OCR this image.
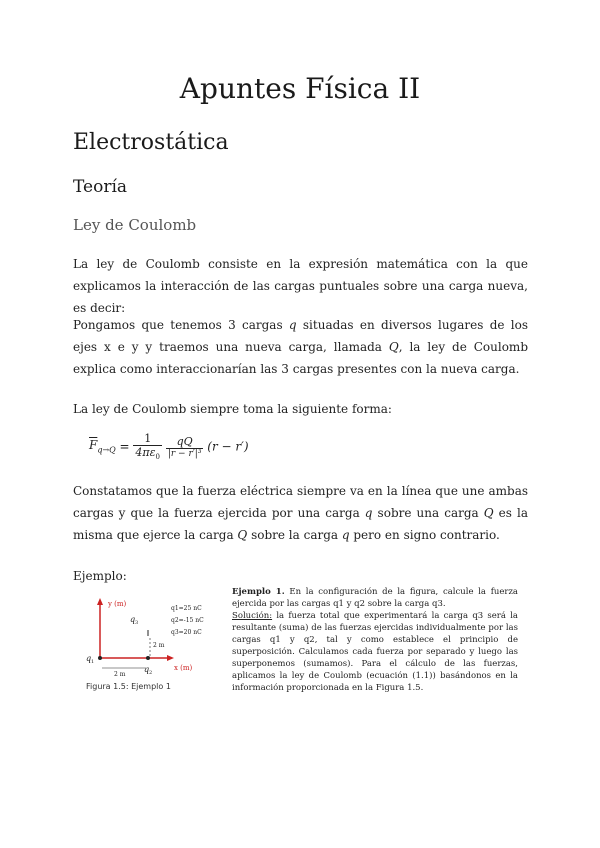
Apuntes Física II
Electrostática
Teoría
Ley de Coulomb
La ley de Coulomb consiste en la expresión matemática con la que explicamos la interacción de las cargas puntuales sobre una carga nueva, es decir:
Pongamos que tenemos 3 cargas q situadas en diversos lugares de los ejes x e y y traemos una nueva carga, llamada Q, la ley de Coulomb explica como interaccionarían las 3 cargas presentes con la nueva carga.
La ley de Coulomb siempre toma la siguiente forma:
$\overline{F}_{q\to Q} = \frac{1}{4\pi\varepsilon_0}$
	qQ
|r − r′|³ (r − r′)
Constatamos que la fuerza eléctrica siempre va en la línea que une ambas cargas y que la fuerza ejercida por una carga q sobre una carga Q es la misma que ejerce la carga Q sobre la carga q pero en signo contrario.
Ejemplo:
y (m)
x (m)
q 1
q 2
q 3
2 m
2 m
q1=25 nC
q2=-15 nC
q3=20 nC
Figura 1.5: Ejemplo 1
Ejemplo 1. En la configuración de la figura, calcule la fuerza ejercida por las cargas q1 y q2 sobre la carga q3.
Solución: la fuerza total que experimentará la carga q3 será la resultante (suma) de las fuerzas ejercidas individualmente por las cargas q1 y q2, tal y como establece el principio de superposición. Calculamos cada fuerza por separado y luego las superponemos (sumamos). Para el cálculo de las fuerzas, aplicamos la ley de Coulomb (ecuación (1.1)) basándonos en la información proporcionada en la Figura 1.5.
